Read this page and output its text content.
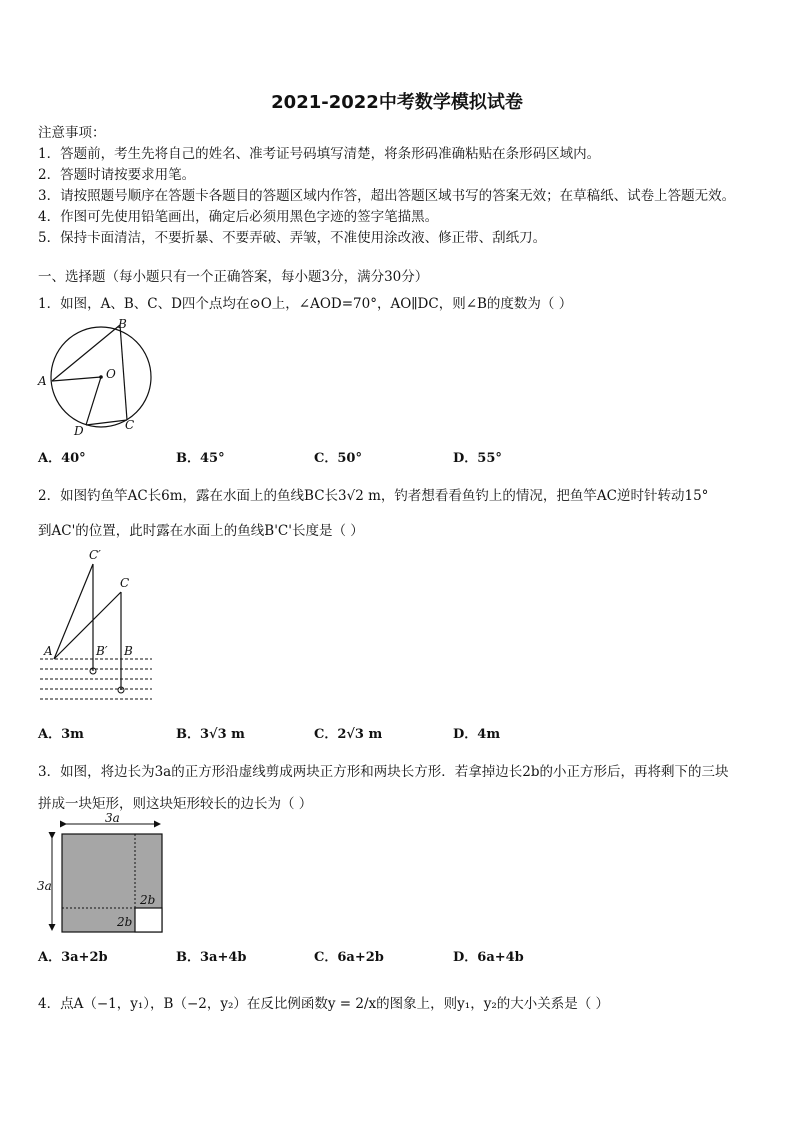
2021-2022中考数学模拟试卷
注意事项：
1．答题前，考生先将自己的姓名、准考证号码填写清楚，将条形码准确粘贴在条形码区域内。
2．答题时请按要求用笔。
3．请按照题号顺序在答题卡各题目的答题区域内作答，超出答题区域书写的答案无效；在草稿纸、试卷上答题无效。
4．作图可先使用铅笔画出，确定后必须用黑色字迹的签字笔描黑。
5．保持卡面清洁，不要折暴、不要弄破、弄皱，不准使用涂改液、修正带、刮纸刀。
一、选择题（每小题只有一个正确答案，每小题3分，满分30分）
1．如图，A、B、C、D四个点均在⊙O上，∠AOD=70°，AO∥DC，则∠B的度数为（ ）
A
B
C
D
O
A．40°	B．45°	C．50°	D．55°
2．如图钓鱼竿AC长6m，露在水面上的鱼线BC长3√2 m，钓者想看看鱼钓上的情况，把鱼竿AC逆时针转动15°
到AC'的位置，此时露在水面上的鱼线B'C'长度是（ ）
A	B′ B
C
C′
A．3m	B．3√3 m	C．2√3 m	D．4m
3．如图，将边长为3a的正方形沿虚线剪成两块正方形和两块长方形．若拿掉边长2b的小正方形后，再将剩下的三块
拼成一块矩形，则这块矩形较长的边长为（ ）
3a
3a
2b
2b
A．3a+2b	B．3a+4b	C．6a+2b	D．6a+4b
4．点A（−1，y₁），B（−2，y₂）在反比例函数y = 2/x的图象上，则y₁，y₂的大小关系是（ ）
